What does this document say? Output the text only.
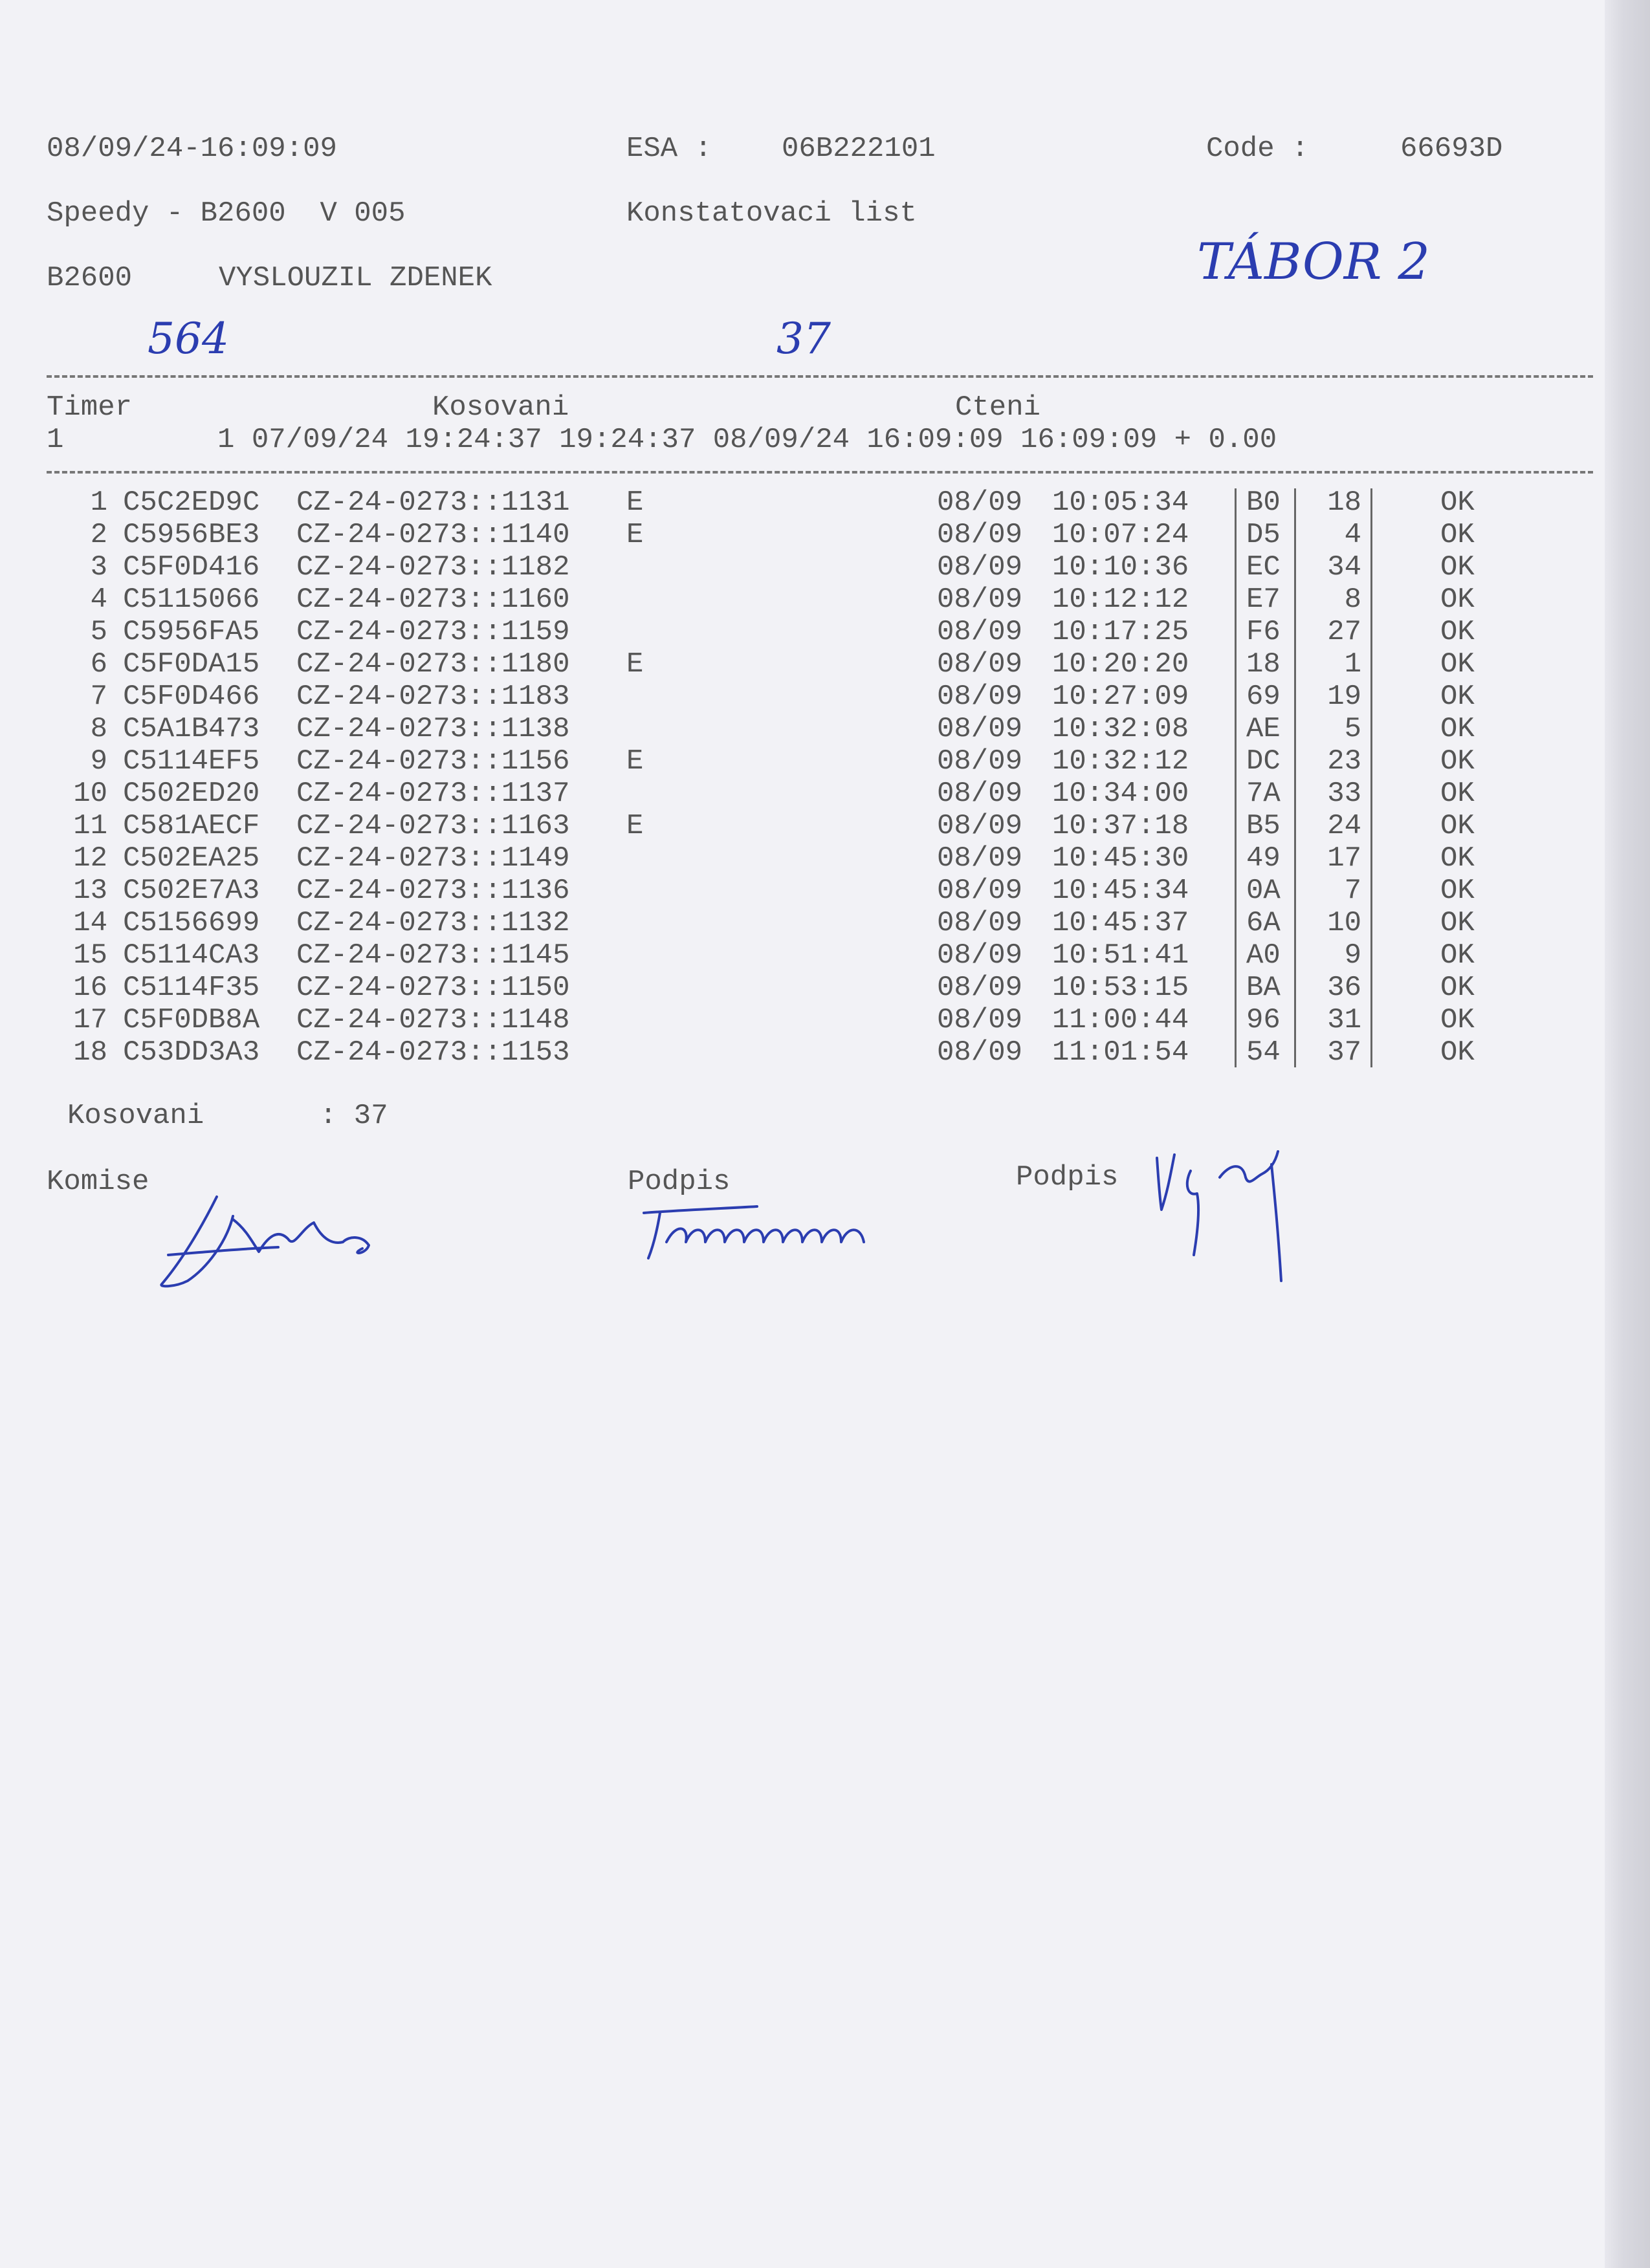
08/09/24-16:09:09	ESA : 06B222101	Code :	66693D
Speedy - B2600  V 005	Konstatovaci list
B2600	VYSLOUZIL ZDENEK	TÁBOR 2
564	37
Timer	Kosovani	Cteni
1         1 07/09/24 19:24:37 19:24:37 08/09/24 16:09:09 16:09:09 + 0.00
1 C5C2ED9C CZ-24-0273::1131 E	08/09 10:05:34 B0 18	OK
2 C5956BE3 CZ-24-0273::1140 E	08/09 10:07:24 D5 4	OK
3 C5F0D416 CZ-24-0273::1182	08/09 10:10:36 EC 34	OK
4 C5115066 CZ-24-0273::1160	08/09 10:12:12 E7 8	OK
5 C5956FA5 CZ-24-0273::1159	08/09 10:17:25 F6 27	OK
6 C5F0DA15 CZ-24-0273::1180 E	08/09 10:20:20 18 1	OK
7 C5F0D466 CZ-24-0273::1183	08/09 10:27:09 69 19	OK
8 C5A1B473 CZ-24-0273::1138	08/09 10:32:08 AE 5	OK
9 C5114EF5 CZ-24-0273::1156 E	08/09 10:32:12 DC 23	OK
10 C502ED20 CZ-24-0273::1137	08/09 10:34:00 7A 33	OK
11 C581AECF CZ-24-0273::1163 E	08/09 10:37:18 B5 24	OK
12 C502EA25 CZ-24-0273::1149	08/09 10:45:30 49 17	OK
13 C502E7A3 CZ-24-0273::1136	08/09 10:45:34 0A 7	OK
14 C5156699 CZ-24-0273::1132	08/09 10:45:37 6A 10	OK
15 C5114CA3 CZ-24-0273::1145	08/09 10:51:41 A0 9	OK
16 C5114F35 CZ-24-0273::1150	08/09 10:53:15 BA 36	OK
17 C5F0DB8A CZ-24-0273::1148	08/09 11:00:44 96 31	OK
18 C53DD3A3 CZ-24-0273::1153	08/09 11:01:54 54 37	OK
Kosovani	: 37
Komise	Podpis	Podpis
